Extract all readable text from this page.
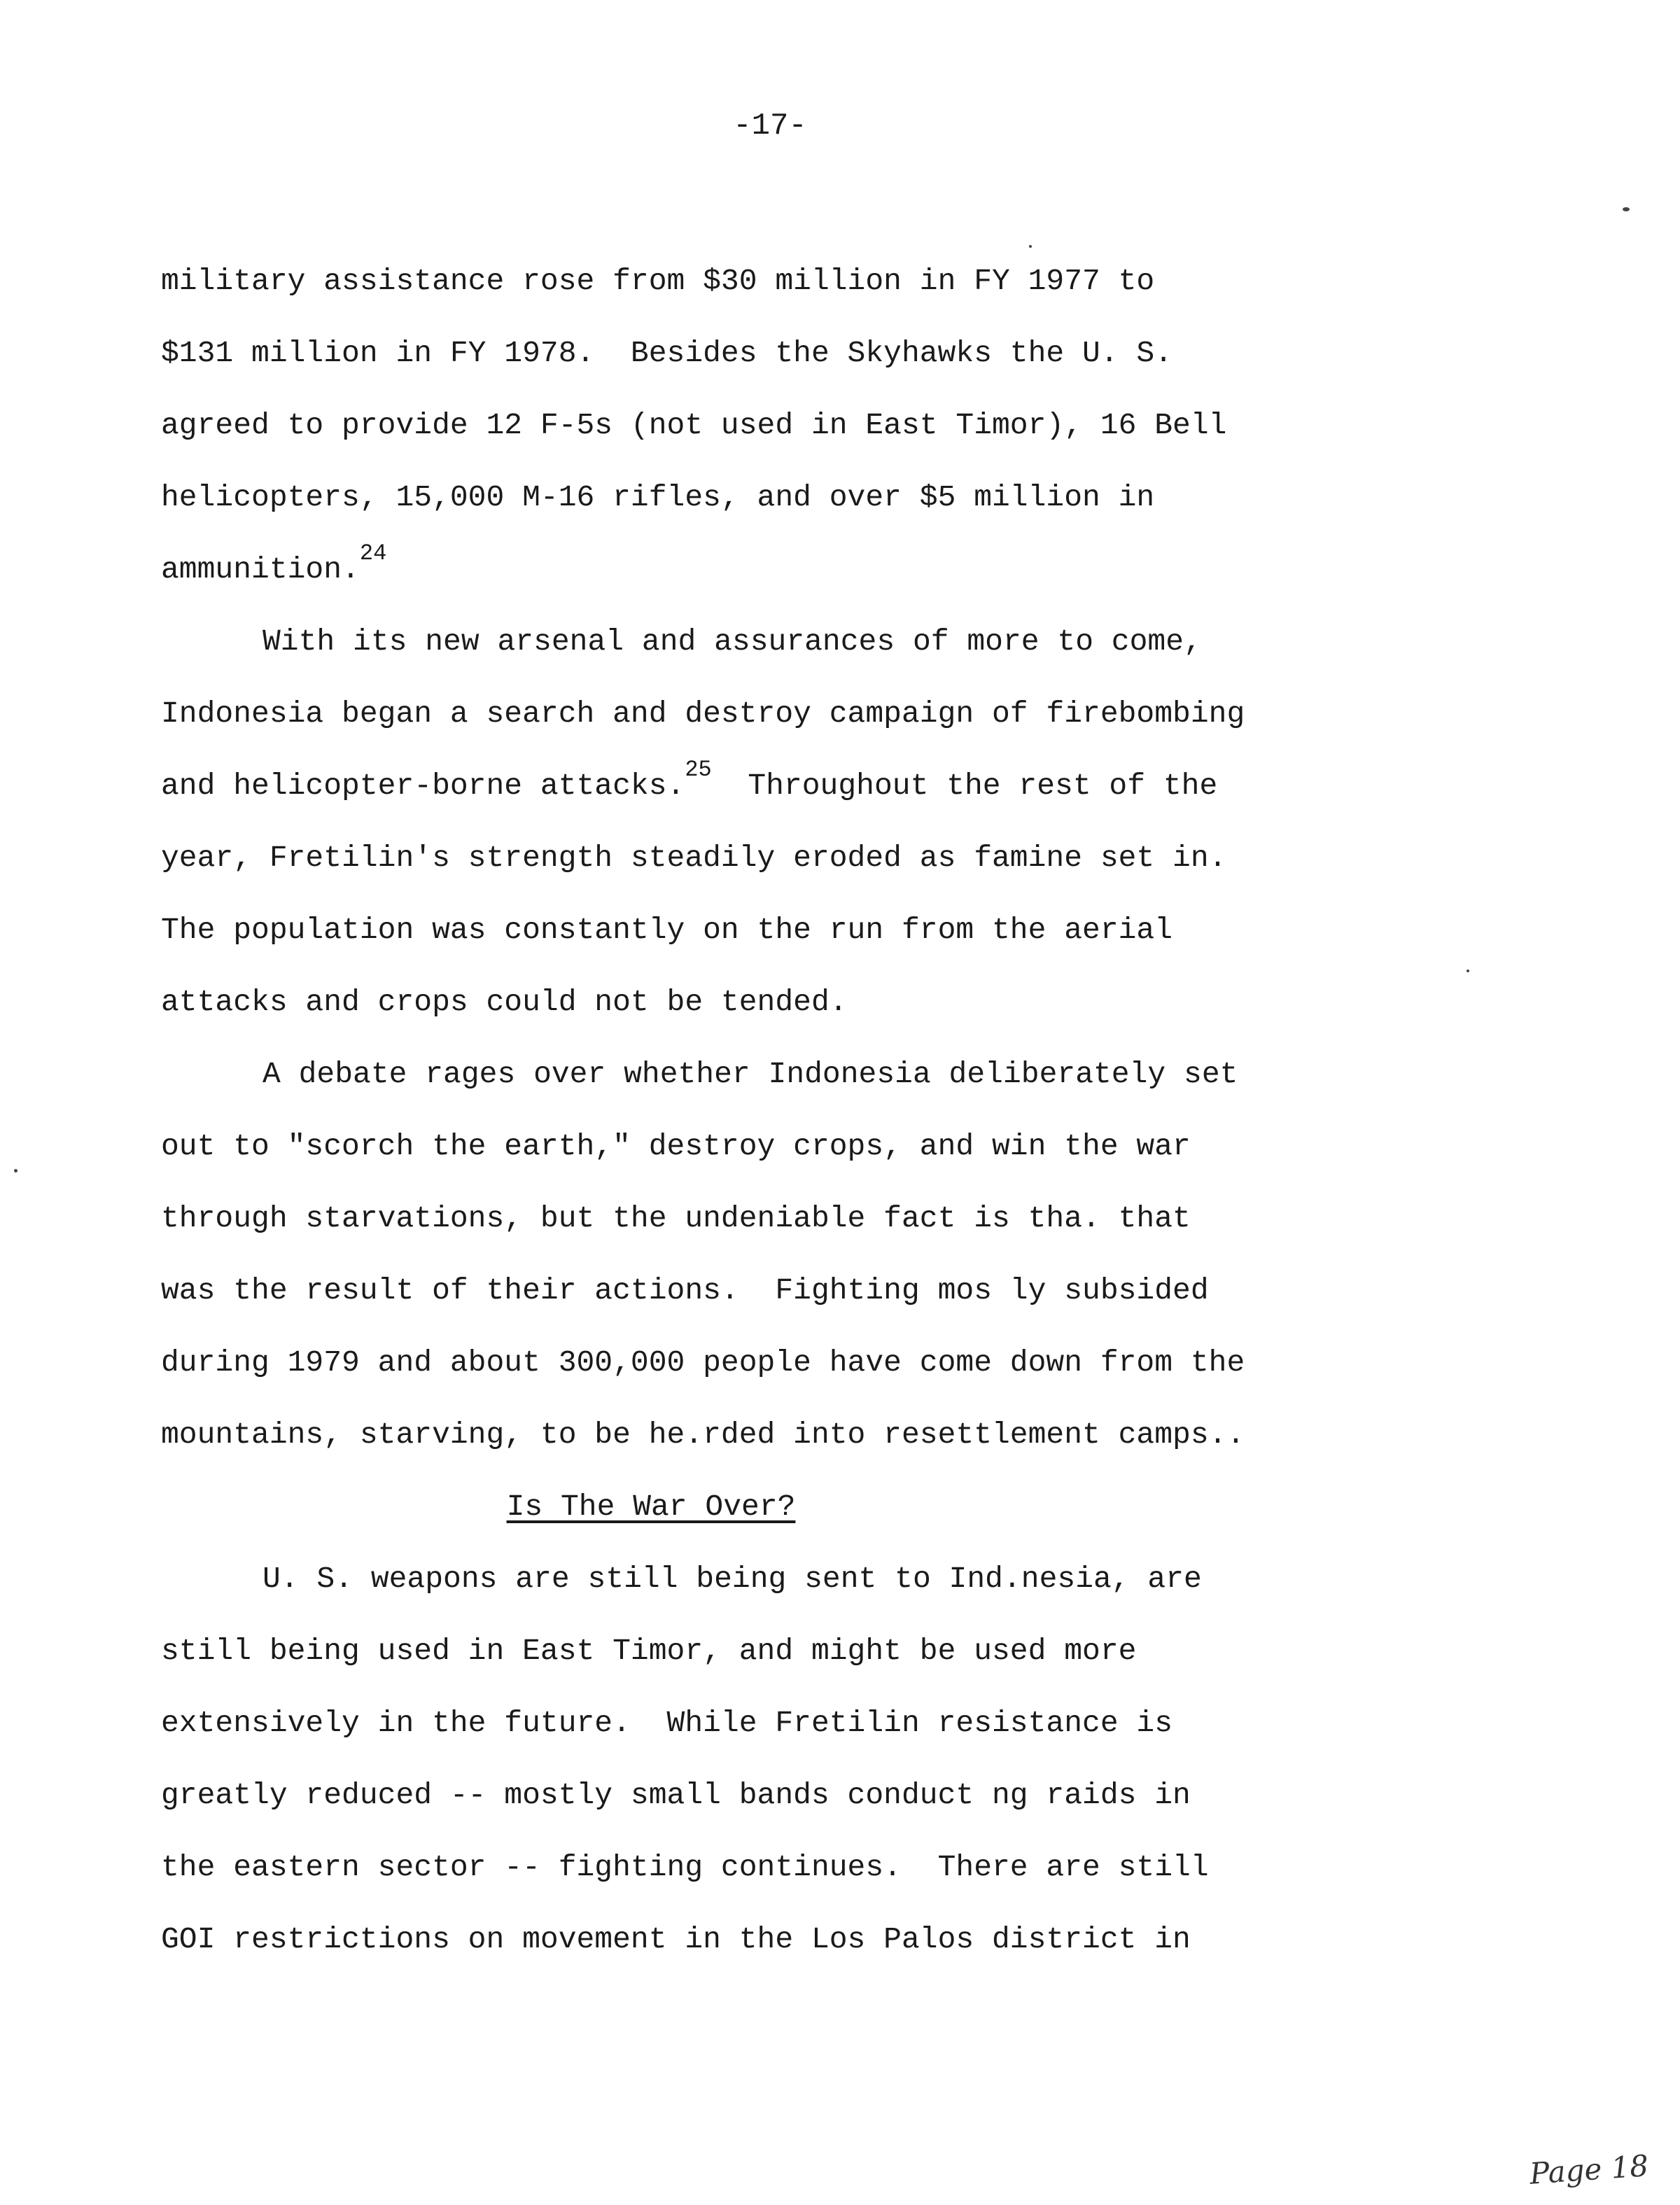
-17-
military assistance rose from $30 million in FY 1977 to
$131 million in FY 1978.  Besides the Skyhawks the U. S.
agreed to provide 12 F-5s (not used in East Timor), 16 Bell
helicopters, 15,000 M-16 rifles, and over $5 million in
ammunition.$^{24}$
With its new arsenal and assurances of more to come,
Indonesia began a search and destroy campaign of firebombing
and helicopter-borne attacks.$^{25}$  Throughout the rest of the
year, Fretilin's strength steadily eroded as famine set in.
The population was constantly on the run from the aerial
attacks and crops could not be tended.
A debate rages over whether Indonesia deliberately set
out to "scorch the earth," destroy crops, and win the war
through starvations, but the undeniable fact is tha. that
was the result of their actions.  Fighting mos ly subsided
during 1979 and about 300,000 people have come down from the
mountains, starving, to be he.rded into resettlement camps..
Is The War Over?
U. S. weapons are still being sent to Ind.nesia, are
still being used in East Timor, and might be used more
extensively in the future.  While Fretilin resistance is
greatly reduced -- mostly small bands conduct ng raids in
the eastern sector -- fighting continues.  There are still
GOI restrictions on movement in the Los Palos district in
Page 18
